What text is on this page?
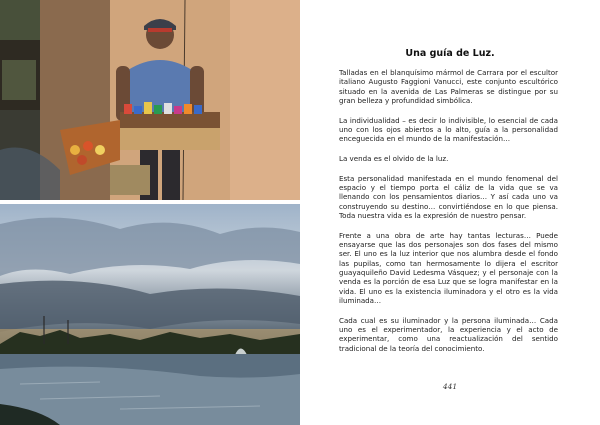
Una guía de Luz.

Talladas en el blanquísimo mármol de Carrara por el escultor italiano Augusto Faggioni Vanucci, este conjunto escultórico situado en la avenida de Las Palmeras se distingue por su gran belleza y profundidad simbólica.

La individualidad – es decir lo indivisible, lo esencial de cada uno con los ojos abiertos a lo alto, guía a la personalidad enceguecida en el mundo de la manifestación…

La venda es el olvido de la luz.

Esta personalidad manifestada en el mundo fenomenal del espacio y el tiempo porta el cáliz de la vida que se va llenando con los pensamientos diarios… Y así cada uno va construyendo su destino… convirtiéndose en lo que piensa. Toda nuestra vida es la expresión de nuestro pensar.

Frente a una obra de arte hay tantas lecturas… Puede ensayarse que las dos personajes son dos fases del mismo ser. El uno es la luz interior que nos alumbra desde el fondo las pupilas, como tan hermosamente lo dijera el escritor guayaquileño David Ledesma Vásquez; y el personaje con la venda es la porción de esa Luz que se logra manifestar en la vida. El uno es la existencia iluminadora y el otro es la vida iluminada…

Cada cual es su iluminador y la persona iluminada… Cada uno es el experimentador, la experiencia y el acto de experimentar, como una reactualización del sentido tradicional de la teoría del conocimiento.

441
